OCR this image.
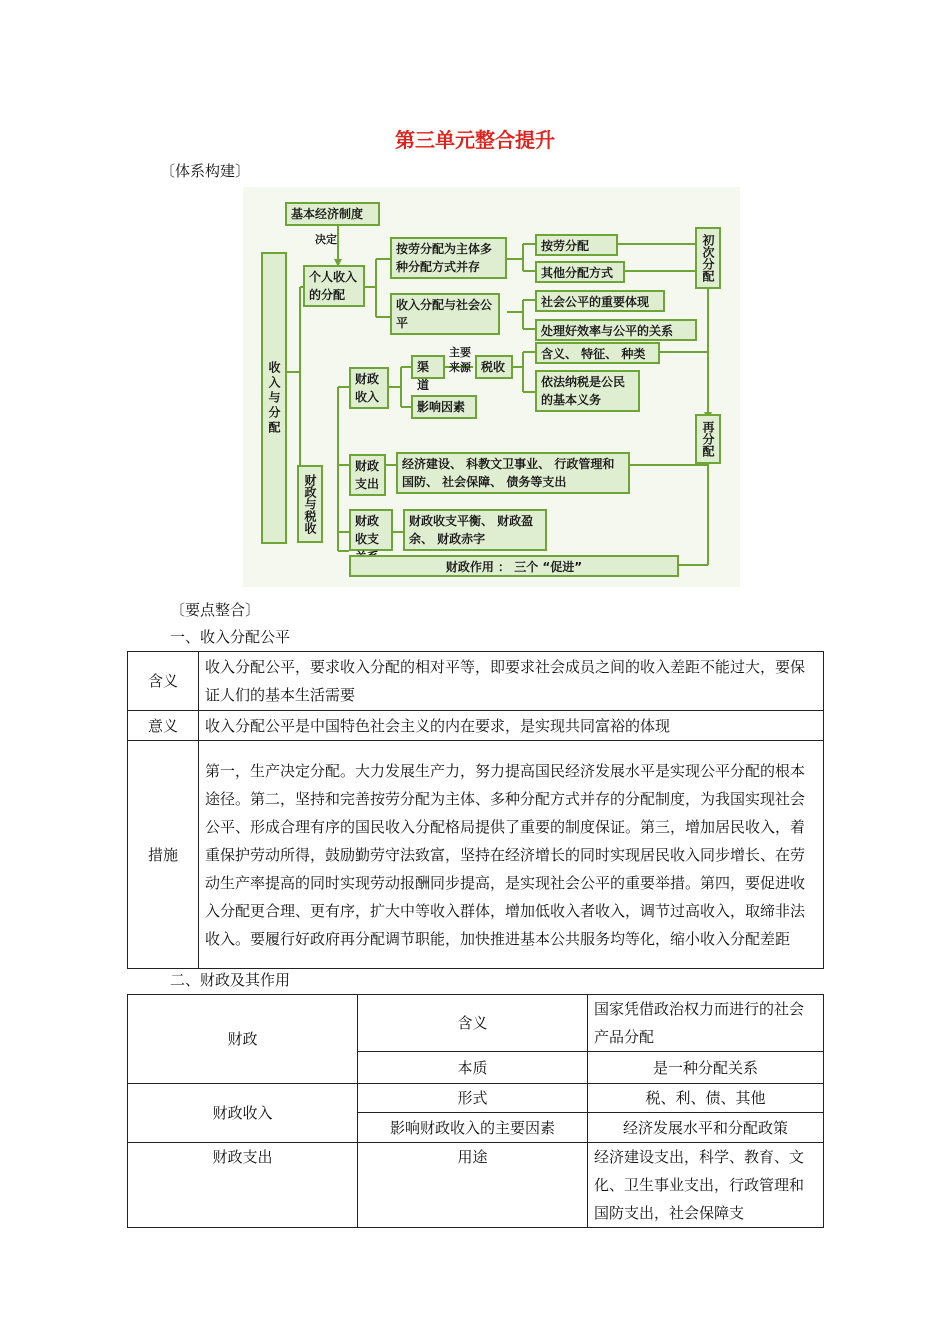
第三单元整合提升
〔体系构建〕
基本经济制度
决定
收入与分配
个人收入的分配
按劳分配为主体多种分配方式并存
按劳分配
其他分配方式
收入分配与社会公平
社会公平的重要体现
处理好效率与公平的关系
初次分配
财政与税收
财政收入
渠道
主要来源 税收
含义、 特征、 种类
依法纳税是公民的基本义务
影响因素
再分配
财政支出
经济建设、 科教文卫事业、 行政管理和国防、 社会保障、 债务等支出
财政收支
财政收支平衡、 财政盈余、 财政赤字
财政作用 ： 三个 “促进”
〔要点整合〕
一、收入分配公平
含义	收入分配公平，要求收入分配的相对平等，即要求社会成员之间的收入差距不能过大，要保证人们的基本生活需要
意义	收入分配公平是中国特色社会主义的内在要求，是实现共同富裕的体现
措施	第一，生产决定分配。大力发展生产力，努力提高国民经济发展水平是实现公平分配的根本途径。第二，坚持和完善按劳分配为主体、多种分配方式并存的分配制度，为我国实现社会公平、形成合理有序的国民收入分配格局提供了重要的制度保证。第三，增加居民收入，着重保护劳动所得，鼓励勤劳守法致富，坚持在经济增长的同时实现居民收入同步增长、在劳动生产率提高的同时实现劳动报酬同步提高，是实现社会公平的重要举措。第四，要促进收入分配更合理、更有序，扩大中等收入群体，增加低收入者收入，调节过高收入，取缔非法收入。要履行好政府再分配调节职能，加快推进基本公共服务均等化，缩小收入分配差距
二、财政及其作用
财政	含义	国家凭借政治权力而进行的社会产品分配
	本质	是一种分配关系
财政收入	形式	税、利、债、其他
	影响财政收入的主要因素	经济发展水平和分配政策
财政支出	用途	经济建设支出，科学、教育、文化、卫生事业支出，行政管理和国防支出，社会保障支
